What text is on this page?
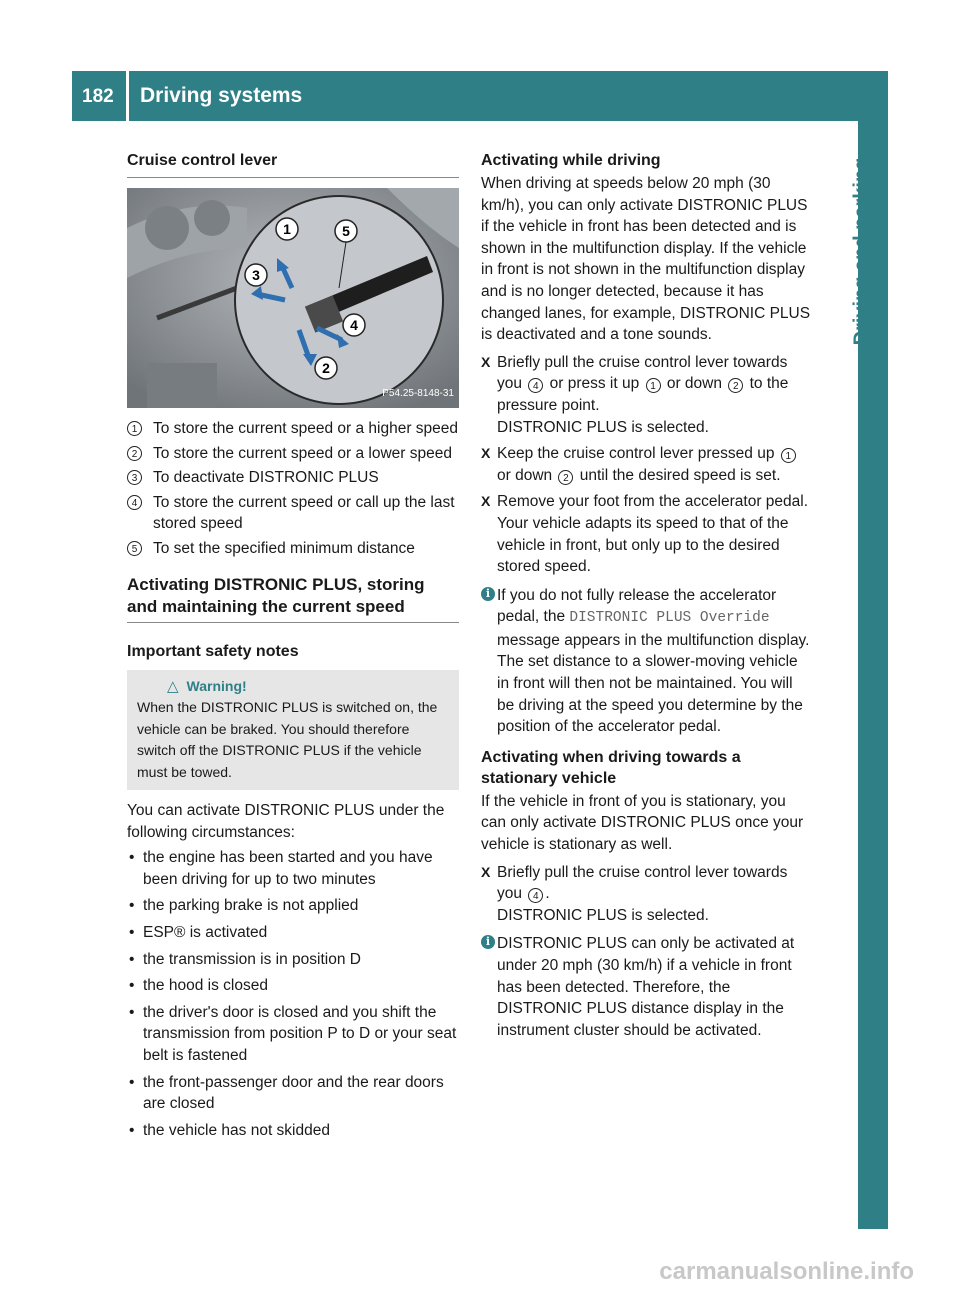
182 Driving systems
Driving and parking
Cruise control lever
1	5
3
4
2
P54.25-8148-31
1	To store the current speed or a higher speed
2	To store the current speed or a lower speed
3	To deactivate DISTRONIC PLUS
4	To store the current speed or call up the last stored speed
5	To set the specified minimum distance
Activating DISTRONIC PLUS, storing and maintaining the current speed
Important safety notes
△ Warning!
When the DISTRONIC PLUS is switched on, the vehicle can be braked. You should therefore switch off the DISTRONIC PLUS if the vehicle must be towed.

You can activate DISTRONIC PLUS under the following circumstances:

• the engine has been started and you have been driving for up to two minutes
• the parking brake is not applied
• ESP® is activated
• the transmission is in position D
• the hood is closed
• the driver's door is closed and you shift the transmission from position P to D or your seat belt is fastened
• the front-passenger door and the rear doors are closed
• the vehicle has not skidded
Activating while driving

When driving at speeds below 20 mph (30 km/h), you can only activate DISTRONIC PLUS if the vehicle in front has been detected and is shown in the multifunction display. If the vehicle in front is not shown in the multifunction display and is no longer detected, because it has changed lanes, for example, DISTRONIC PLUS is deactivated and a tone sounds.

X Briefly pull the cruise control lever towards you 4 or press it up 1 or down 2 to the pressure point.
DISTRONIC PLUS is selected.
X Keep the cruise control lever pressed up 1 or down 2 until the desired speed is set.
X Remove your foot from the accelerator pedal.
Your vehicle adapts its speed to that of the vehicle in front, but only up to the desired stored speed.
i If you do not fully release the accelerator pedal, the DISTRONIC PLUS Override message appears in the multifunction display. The set distance to a slower-moving vehicle in front will then not be maintained. You will be driving at the speed you determine by the position of the accelerator pedal.
Activating when driving towards a stationary vehicle

If the vehicle in front of you is stationary, you can only activate DISTRONIC PLUS once your vehicle is stationary as well.

X Briefly pull the cruise control lever towards you 4 .
DISTRONIC PLUS is selected.
i DISTRONIC PLUS can only be activated at under 20 mph (30 km/h) if a vehicle in front has been detected. Therefore, the DISTRONIC PLUS distance display in the instrument cluster should be activated.
carmanualsonline.info
